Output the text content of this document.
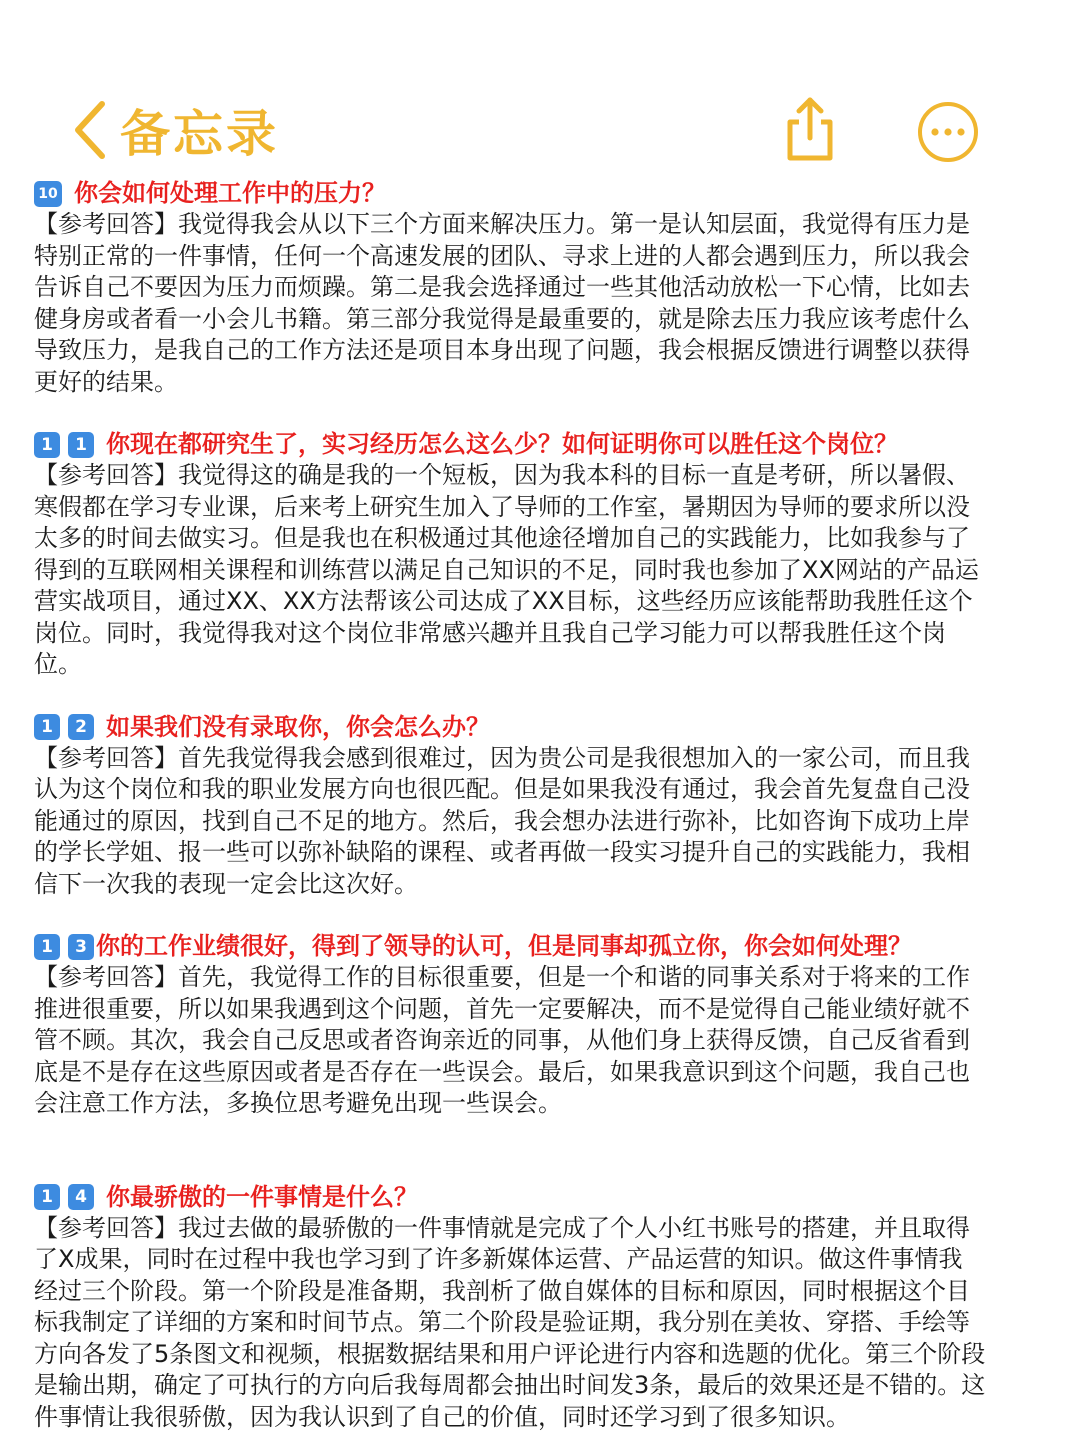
备忘录
10 你会如何处理工作中的压力？

【参考回答】我觉得我会从以下三个方面来解决压力。第一是认知层面，我觉得有压力是
特别正常的一件事情，任何一个高速发展的团队、寻求上进的人都会遇到压力，所以我会
告诉自己不要因为压力而烦躁。第二是我会选择通过一些其他活动放松一下心情，比如去
健身房或者看一小会儿书籍。第三部分我觉得是最重要的，就是除去压力我应该考虑什么
导致压力，是我自己的工作方法还是项目本身出现了问题，我会根据反馈进行调整以获得
更好的结果。

1	1 你现在都研究生了，实习经历怎么这么少？如何证明你可以胜任这个岗位？

【参考回答】我觉得这的确是我的一个短板，因为我本科的目标一直是考研，所以暑假、
寒假都在学习专业课，后来考上研究生加入了导师的工作室，暑期因为导师的要求所以没
太多的时间去做实习。但是我也在积极通过其他途径增加自己的实践能力，比如我参与了
得到的互联网相关课程和训练营以满足自己知识的不足，同时我也参加了XX网站的产品运
营实战项目，通过XX、XX方法帮该公司达成了XX目标，这些经历应该能帮助我胜任这个
岗位。同时，我觉得我对这个岗位非常感兴趣并且我自己学习能力可以帮我胜任这个岗
位。

1	2 如果我们没有录取你，你会怎么办？

【参考回答】首先我觉得我会感到很难过，因为贵公司是我很想加入的一家公司，而且我
认为这个岗位和我的职业发展方向也很匹配。但是如果我没有通过，我会首先复盘自己没
能通过的原因，找到自己不足的地方。然后，我会想办法进行弥补，比如咨询下成功上岸
的学长学姐、报一些可以弥补缺陷的课程、或者再做一段实习提升自己的实践能力，我相
信下一次我的表现一定会比这次好。

1	3 你的工作业绩很好，得到了领导的认可，但是同事却孤立你，你会如何处理？

【参考回答】首先，我觉得工作的目标很重要，但是一个和谐的同事关系对于将来的工作
推进很重要，所以如果我遇到这个问题，首先一定要解决，而不是觉得自己能业绩好就不
管不顾。其次，我会自己反思或者咨询亲近的同事，从他们身上获得反馈，自己反省看到
底是不是存在这些原因或者是否存在一些误会。最后，如果我意识到这个问题，我自己也
会注意工作方法，多换位思考避免出现一些误会。

1	4 你最骄傲的一件事情是什么？

【参考回答】我过去做的最骄傲的一件事情就是完成了个人小红书账号的搭建，并且取得
了X成果，同时在过程中我也学习到了许多新媒体运营、产品运营的知识。做这件事情我
经过三个阶段。第一个阶段是准备期，我剖析了做自媒体的目标和原因，同时根据这个目
标我制定了详细的方案和时间节点。第二个阶段是验证期，我分别在美妆、穿搭、手绘等
方向各发了5条图文和视频，根据数据结果和用户评论进行内容和选题的优化。第三个阶段
是输出期，确定了可执行的方向后我每周都会抽出时间发3条，最后的效果还是不错的。这
件事情让我很骄傲，因为我认识到了自己的价值，同时还学习到了很多知识。
